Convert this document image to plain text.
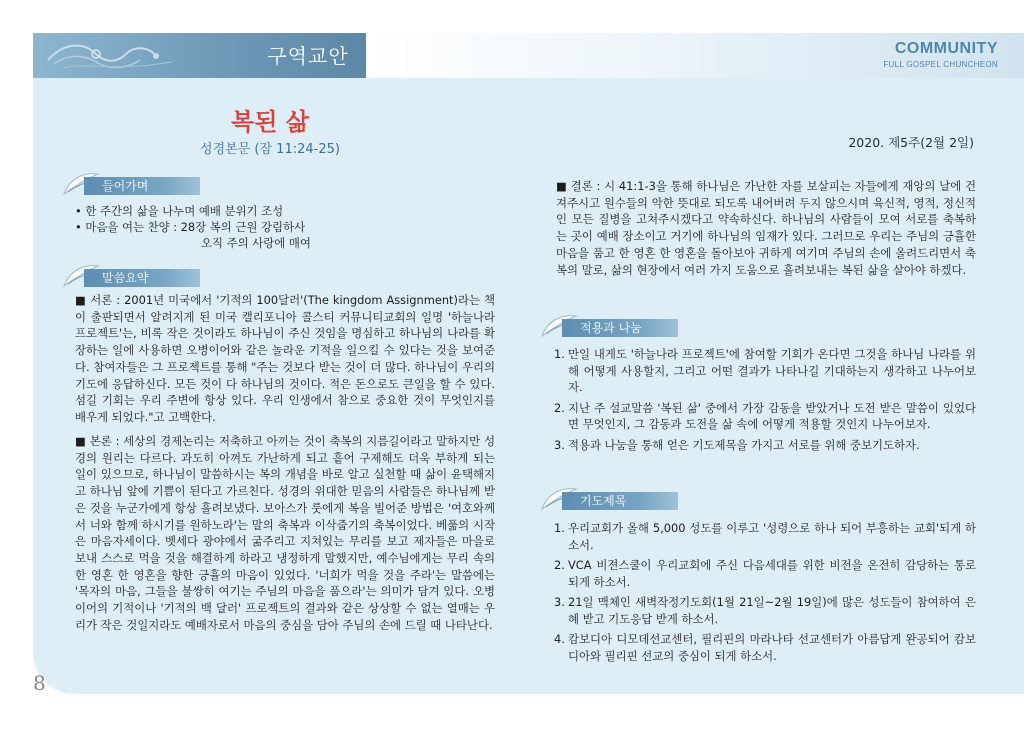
구역교안	COMMUNITY
FULL GOSPEL CHUNCHEON
복된 삶
성경본문 (잠 11:24-25)	2020. 제5주(2월 2일)
들어가며

• 한 주간의 삶을 나누며 예배 분위기 조성

• 마음을 여는 찬양 : 28장 복의 근원 강림하사

오직 주의 사랑에 매여

말씀요약

■ 서론 : 2001년 미국에서 '기적의 100달러'(The kingdom Assignment)라는 책이 출판되면서 알려지게 된 미국 캘리포니아 콜스티 커뮤니티교회의 일명 '하늘나라 프로젝트'는, 비록 작은 것이라도 하나님이 주신 것임을 명심하고 하나님의 나라를 확장하는 일에 사용하면 오병이어와 같은 놀라운 기적을 일으킬 수 있다는 것을 보여준다. 참여자들은 그 프로젝트를 통해 "주는 것보다 받는 것이 더 많다. 하나님이 우리의 기도에 응답하신다. 모든 것이 다 하나님의 것이다. 적은 돈으로도 큰일을 할 수 있다. 섬길 기회는 우리 주변에 항상 있다. 우리 인생에서 참으로 중요한 것이 무엇인지를 배우게 되었다."고 고백한다.

■ 본론 : 세상의 경제논리는 저축하고 아끼는 것이 축복의 지름길이라고 말하지만 성경의 원리는 다르다. 과도히 아껴도 가난하게 되고 흩어 구제해도 더욱 부하게 되는 일이 있으므로, 하나님이 말씀하시는 복의 개념을 바로 알고 실천할 때 삶이 윤택해지고 하나님 앞에 기쁨이 된다고 가르친다. 성경의 위대한 믿음의 사람들은 하나님께 받은 것을 누군가에게 항상 흘려보냈다. 보아스가 룻에게 복을 빌어준 방법은 '여호와께서 너와 함께 하시기를 원하노라'는 말의 축복과 이삭줍기의 축복이었다. 베풂의 시작은 마음자세이다. 벳세다 광야에서 굶주리고 지쳐있는 무리를 보고 제자들은 마을로 보내 스스로 먹을 것을 해결하게 하라고 냉정하게 말했지만, 예수님에게는 무리 속의 한 영혼 한 영혼을 향한 긍휼의 마음이 있었다. '너희가 먹을 것을 주라'는 말씀에는 '목자의 마음, 그들을 불쌍히 여기는 주님의 마음을 품으라'는 의미가 담겨 있다. 오병이어의 기적이나 '기적의 백 달러' 프로젝트의 결과와 같은 상상할 수 없는 열매는 우리가 작은 것일지라도 예배자로서 마음의 중심을 담아 주님의 손에 드릴 때 나타난다.

■ 결론 : 시 41:1-3을 통해 하나님은 가난한 자를 보살피는 자들에게 재앙의 날에 건져주시고 원수들의 악한 뜻대로 되도록 내어버려 두지 않으시며 육신적, 영적, 정신적인 모든 질병을 고쳐주시겠다고 약속하신다. 하나님의 사람들이 모여 서로를 축복하는 곳이 예배 장소이고 거기에 하나님의 임재가 있다. 그러므로 우리는 주님의 긍휼한 마음을 품고 한 영혼 한 영혼을 돌아보아 귀하게 여기며 주님의 손에 올려드리면서 축복의 말로, 삶의 현장에서 여러 가지 도움으로 흘려보내는 복된 삶을 살아야 하겠다.

적용과 나눔
1. 만일 내게도 '하늘나라 프로젝트'에 참여할 기회가 온다면 그것을 하나님 나라를 위해 어떻게 사용할지, 그리고 어떤 결과가 나타나길 기대하는지 생각하고 나누어보자.
2. 지난 주 설교말씀 '복된 삶' 중에서 가장 감동을 받았거나 도전 받은 말씀이 있었다면 무엇인지, 그 감동과 도전을 삶 속에 어떻게 적용할 것인지 나누어보자.
3. 적용과 나눔을 통해 얻은 기도제목을 가지고 서로를 위해 중보기도하자.
기도제목
1. 우리교회가 올해 5,000 성도를 이루고 '성령으로 하나 되어 부흥하는 교회'되게 하소서.
2. VCA 비젼스쿨이 우리교회에 주신 다음세대를 위한 비전을 온전히 감당하는 통로 되게 하소서.
3. 21일 맥체인 새벽작정기도회(1월 21일~2월 19일)에 많은 성도들이 참여하여 은혜 받고 기도응답 받게 하소서.
4. 캄보디아 디모데선교센터, 필리핀의 마라나타 선교센터가 아름답게 완공되어 캄보디아와 필리핀 선교의 중심이 되게 하소서.
8
